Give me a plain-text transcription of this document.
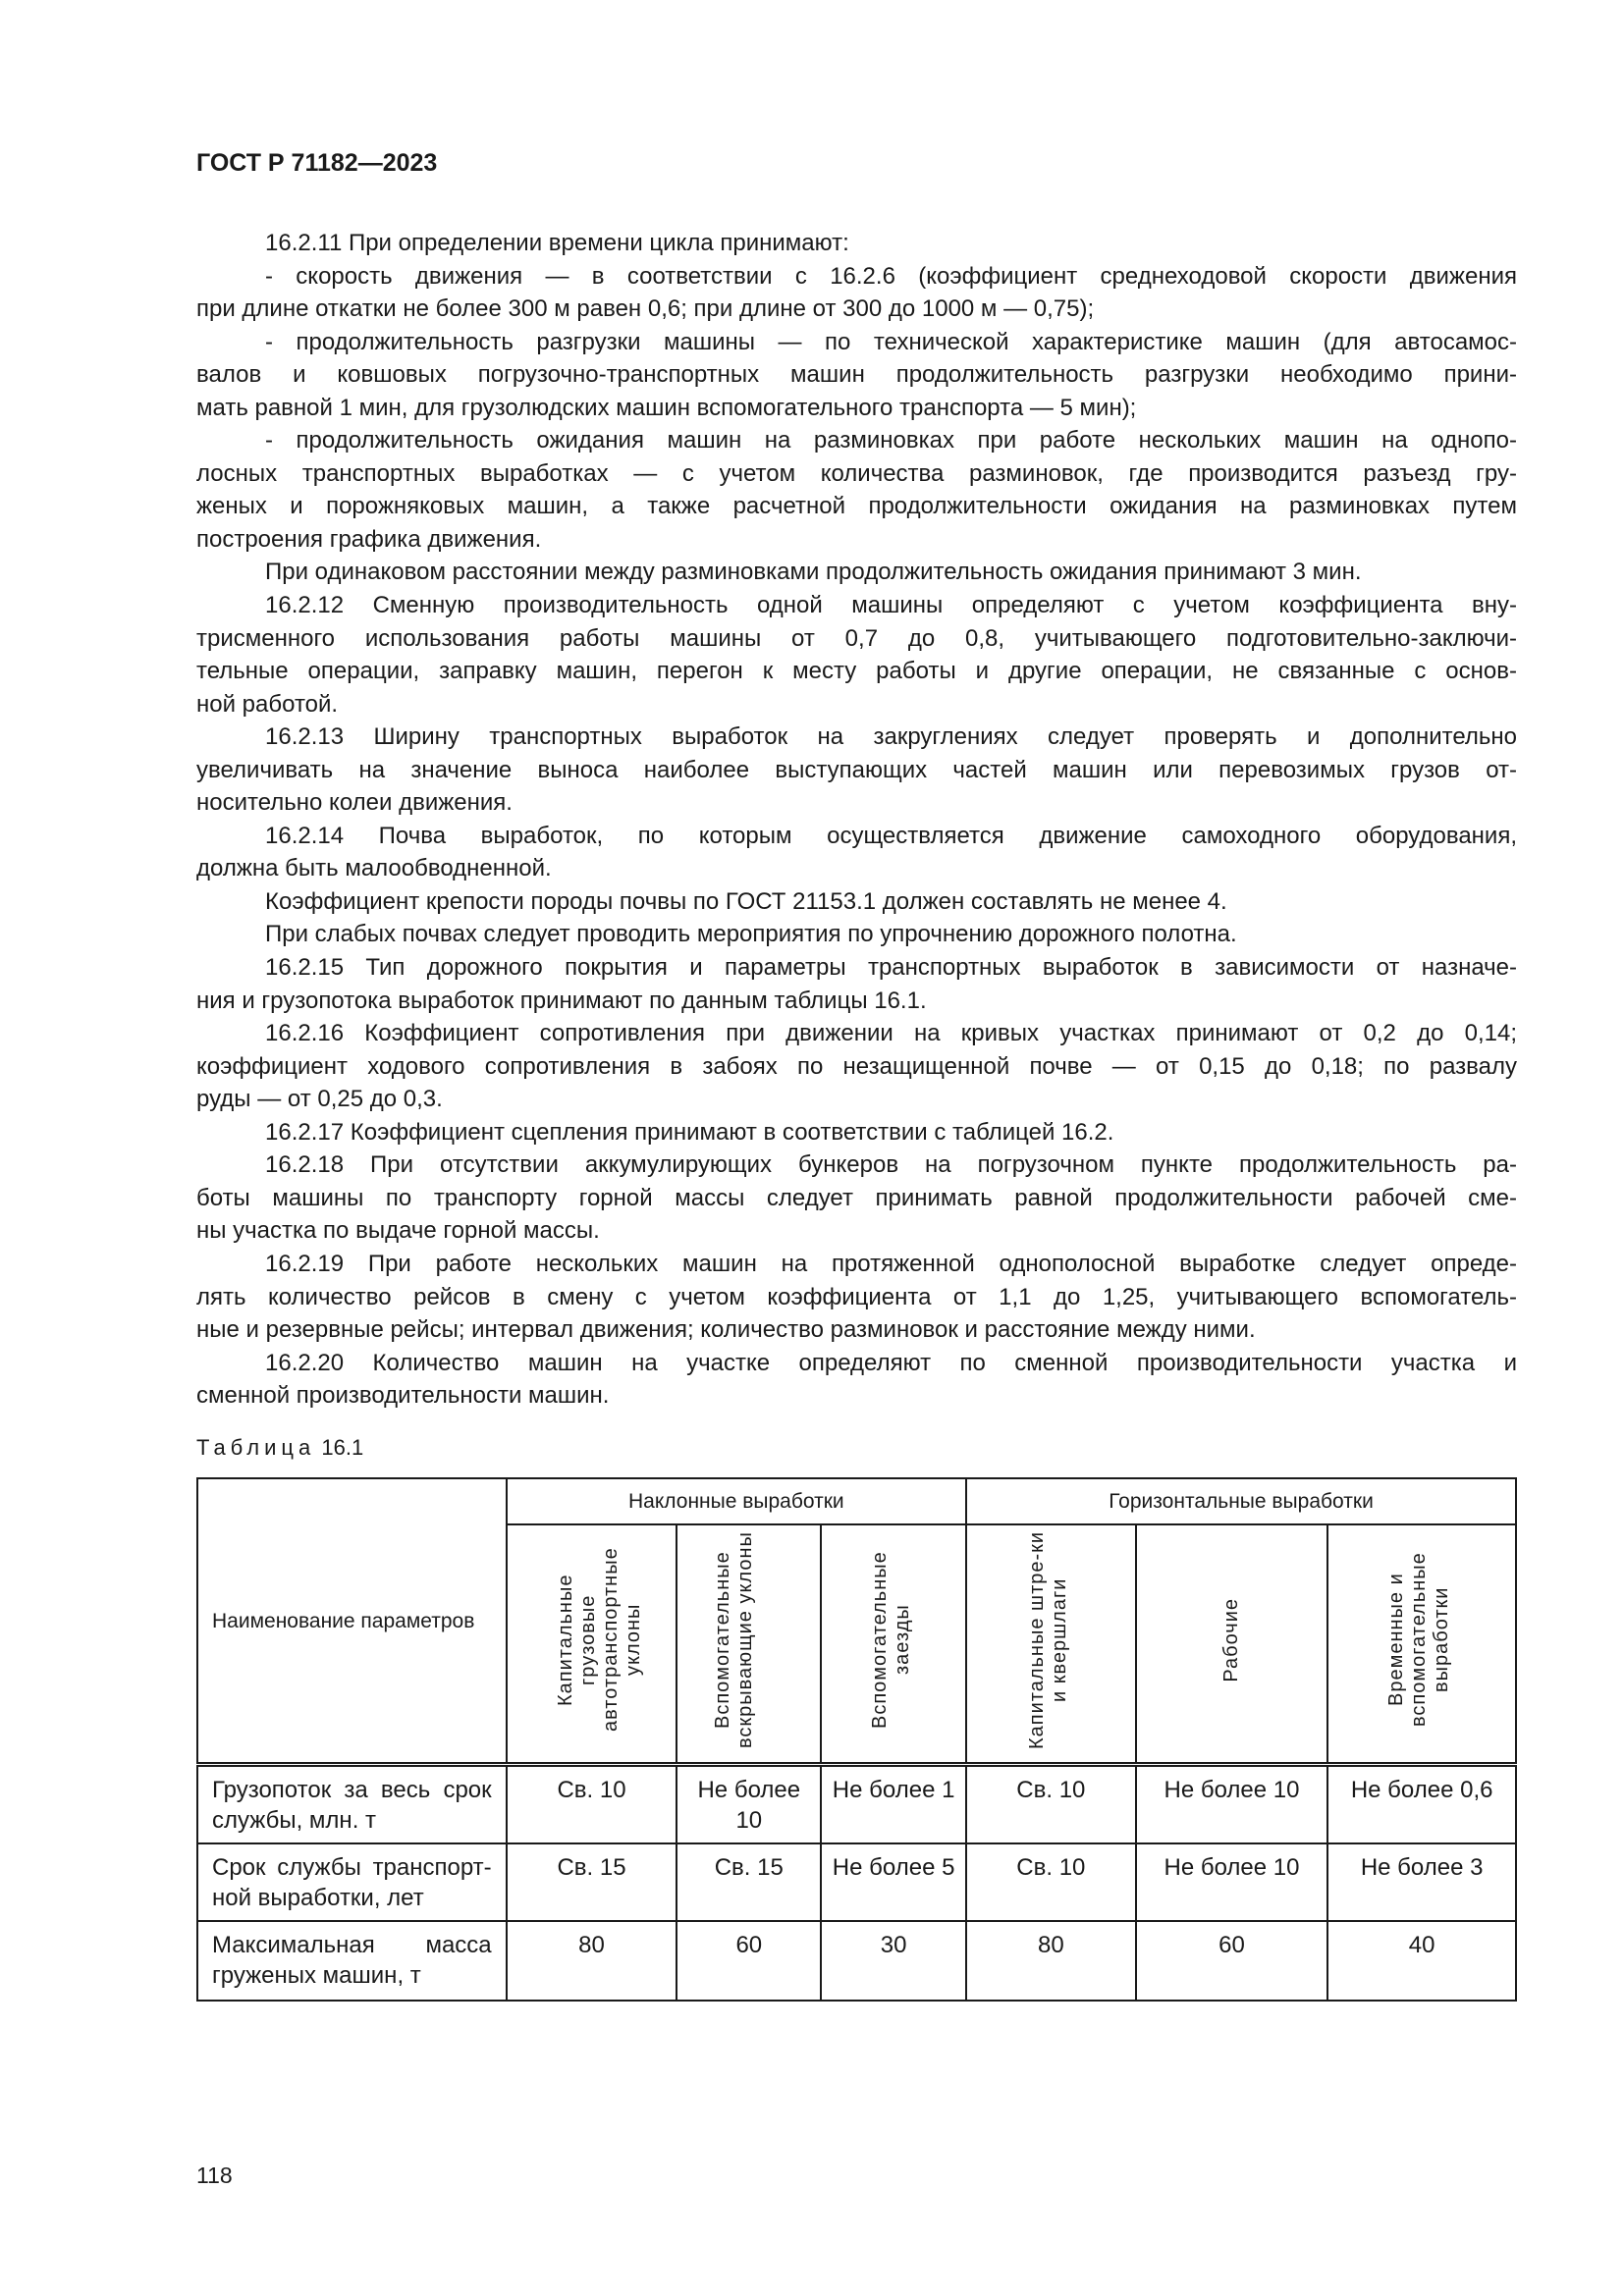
ГОСТ Р 71182—2023
16.2.11 При определении времени цикла принимают:
- скорость движения — в соответствии с 16.2.6 (коэффициент среднеходовой скорости движения
при длине откатки не более 300 м равен 0,6; при длине от 300 до 1000 м — 0,75);
- продолжительность разгрузки машины — по технической характеристике машин (для автосамос-
валов и ковшовых погрузочно-транспортных машин продолжительность разгрузки необходимо прини-
мать равной 1 мин, для грузолюдских машин вспомогательного транспорта — 5 мин);
- продолжительность ожидания машин на разминовках при работе нескольких машин на однопо-
лосных транспортных выработках — с учетом количества разминовок, где производится разъезд гру-
женых и порожняковых машин, а также расчетной продолжительности ожидания на разминовках путем
построения графика движения.
При одинаковом расстоянии между разминовками продолжительность ожидания принимают 3 мин.
16.2.12 Сменную производительность одной машины определяют с учетом коэффициента вну-
трисменного использования работы машины от 0,7 до 0,8, учитывающего подготовительно-заключи-
тельные операции, заправку машин, перегон к месту работы и другие операции, не связанные с основ-
ной работой.
16.2.13 Ширину транспортных выработок на закруглениях следует проверять и дополнительно
увеличивать на значение выноса наиболее выступающих частей машин или перевозимых грузов от-
носительно колеи движения.
16.2.14 Почва выработок, по которым осуществляется движение самоходного оборудования,
должна быть малообводненной.
Коэффициент крепости породы почвы по ГОСТ 21153.1 должен составлять не менее 4.
При слабых почвах следует проводить мероприятия по упрочнению дорожного полотна.
16.2.15 Тип дорожного покрытия и параметры транспортных выработок в зависимости от назначе-
ния и грузопотока выработок принимают по данным таблицы 16.1.
16.2.16 Коэффициент сопротивления при движении на кривых участках принимают от 0,2 до 0,14;
коэффициент ходового сопротивления в забоях по незащищенной почве — от 0,15 до 0,18; по развалу
руды — от 0,25 до 0,3.
16.2.17 Коэффициент сцепления принимают в соответствии с таблицей 16.2.
16.2.18 При отсутствии аккумулирующих бункеров на погрузочном пункте продолжительность ра-
боты машины по транспорту горной массы следует принимать равной продолжительности рабочей сме-
ны участка по выдаче горной массы.
16.2.19 При работе нескольких машин на протяженной однополосной выработке следует опреде-
лять количество рейсов в смену с учетом коэффициента от 1,1 до 1,25, учитывающего вспомогатель-
ные и резервные рейсы; интервал движения; количество разминовок и расстояние между ними.
16.2.20 Количество машин на участке определяют по сменной производительности участка и
сменной производительности машин.
Таблица 16.1
Наименование параметров	Наклонные выработки			Горизонтальные выработки		
	Капитальные грузовые автотранспортные уклоны	Вспомогательные вскрывающие уклоны	Вспомогательные заезды	Капитальные штре-ки и квершлаги	Рабочие	Временные и вспомогательные выработки
Грузопоток за весь срок службы, млн. т	Св. 10	Не более 10	Не более 1	Св. 10	Не более 10	Не более 0,6
Срок службы транспорт-ной выработки, лет	Св. 15	Св. 15	Не более 5	Св. 10	Не более 10	Не более 3
Максимальная масса груженых машин, т	80	60	30	80	60	40
118
